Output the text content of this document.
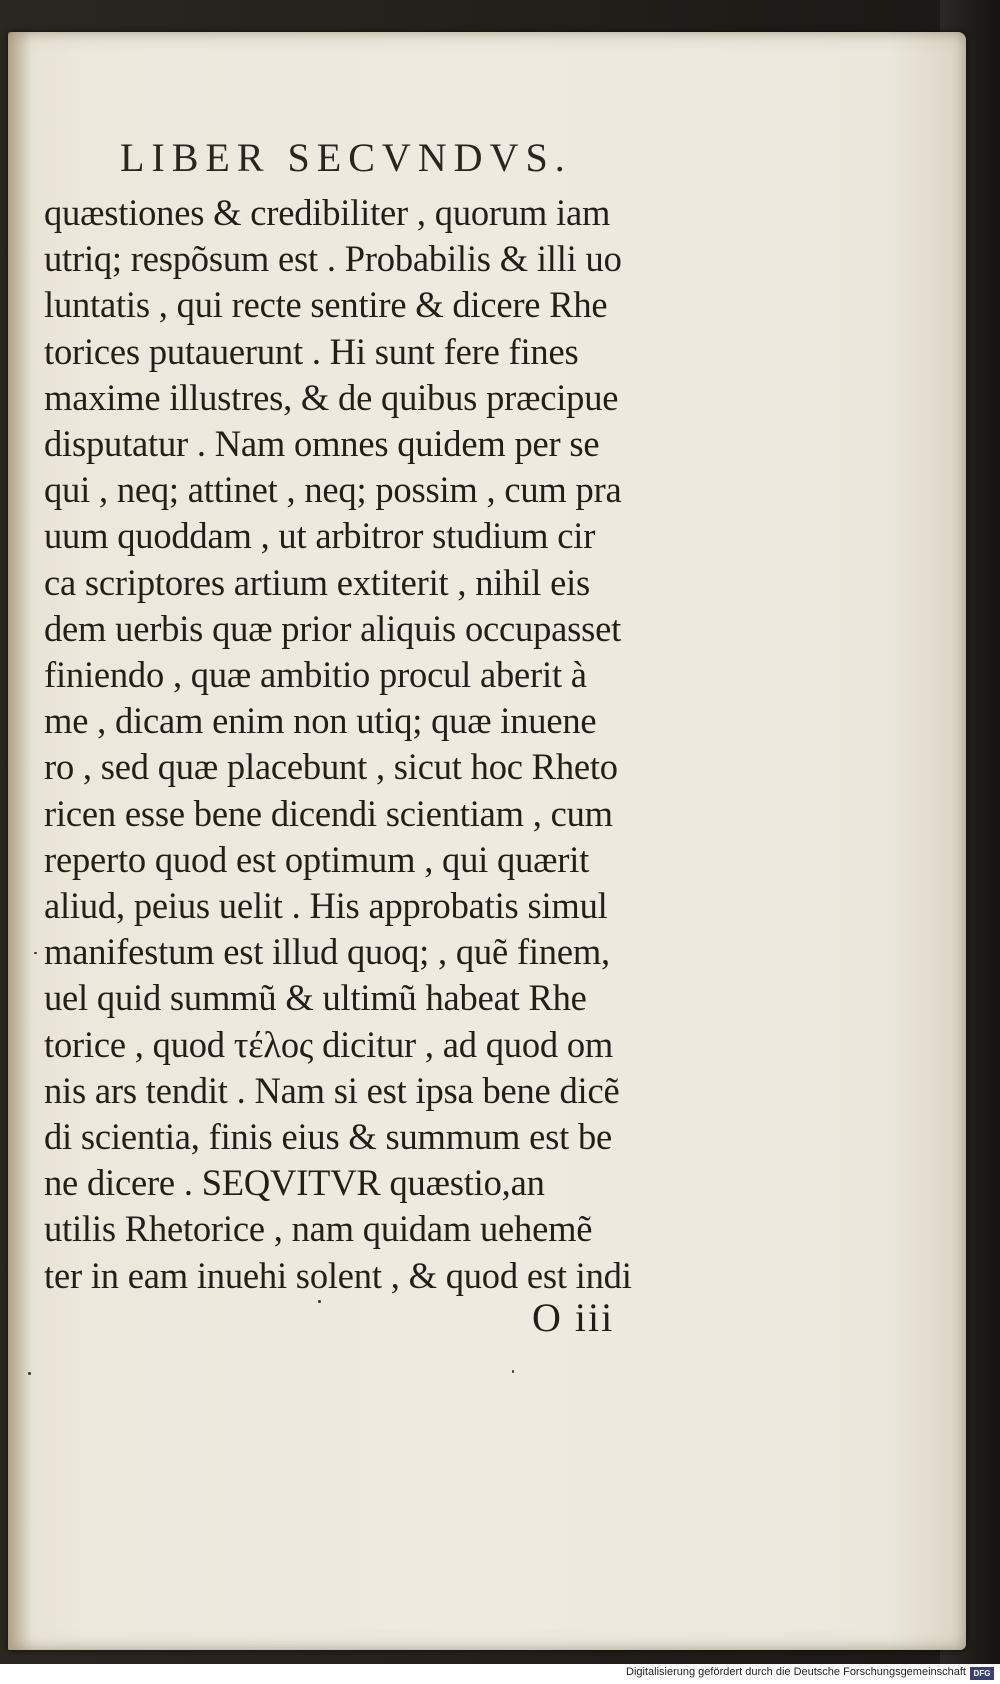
LIBER SECVNDVS.
quæstiones & credibiliter , quorum iam
utriq; respõsum est . Probabilis & illi uo
luntatis , qui recte sentire & dicere Rhe
torices putauerunt . Hi sunt fere fines
maxime illustres, & de quibus præcipue
disputatur . Nam omnes quidem per se
qui , neq; attinet , neq; possim , cum pra
uum quoddam , ut arbitror studium cir
ca scriptores artium extiterit , nihil eis
dem uerbis quæ prior aliquis occupasset
finiendo , quæ ambitio procul aberit à
me , dicam enim non utiq; quæ inuene
ro , sed quæ placebunt , sicut hoc Rheto
ricen esse bene dicendi scientiam , cum
reperto quod est optimum , qui quærit
aliud, peius uelit . His approbatis simul
manifestum est illud quoq; , quẽ finem,
uel quid summũ & ultimũ habeat Rhe
torice , quod τέλος dicitur , ad quod om
nis ars tendit . Nam si est ipsa bene dicẽ
di scientia, finis eius & summum est be
ne dicere . SEQVITVR quæstio,an
utilis Rhetorice , nam quidam uehemẽ
ter in eam inuehi solent , & quod est indi
O iii
Digitalisierung gefördert durch die Deutsche Forschungsgemeinschaft DFG
